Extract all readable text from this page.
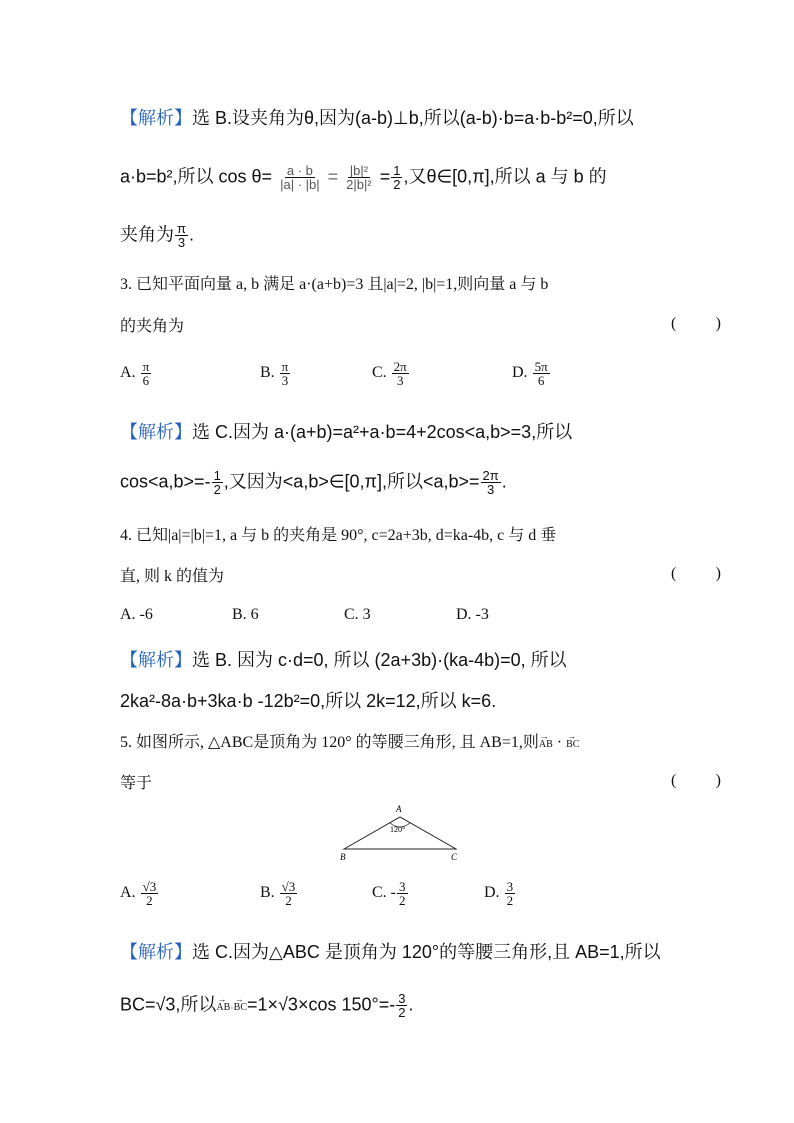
【解析】选 B.设夹角为θ,因为(a-b)⊥b,所以(a-b)·b=a·b-b²=0,所以
a·b=b²,所以 $\cos \theta= \frac{a \cdot b}{|a| \cdot |b|} = \frac{\text{|b|²}}{\text{2|b|²}} = \frac{1}{2}$ ,又θ∈[0,π],所以 a 与 b 的
夹角为 $\frac{\pi}{3}$ .
3. 已知平面向量 a, b 满足 a·(a+b)=3 且|a|=2, |b|=1,则向量 a 与 b
的夹角为	( )
A. $\frac{\pi}{6}$	B. $\frac{\pi}{3}$	C. $\frac{2\pi}{3}$	D. $\frac{5\pi}{6}$
【解析】选 C.因为 a·(a+b)=a²+a·b=4+2cos<a,b>=3,所以
$\cos<a,b>=- \frac{1}{2}$ ,又因为<a,b>∈[0,π],所以$<a,b>= \frac{2\pi}{3}$ .
4. 已知|a|=|b|=1, a 与 b 的夹角是 90°, c=2a+3b, d=ka-4b, c 与 d 垂
直, 则 k 的值为	( )
A. -6	B. 6	C. 3	D. -3
【解析】选 B. 因为 c·d=0, 所以 (2a+3b)·(ka-4b)=0, 所以
2ka²-8a·b+3ka·b -12b²=0,所以 2k=12,所以 k=6.
5. 如图所示, △ABC是顶角为 120° 的等腰三角形, 且 AB=1,则→ AB · → BC
等于	( )
A
B	C
120°
A. $\frac{√3}{2}$	B. $\frac{√3}{2}$	C. - $\frac{3}{2}$	D. $\frac{3}{2}$
【解析】选 C.因为△ABC 是顶角为 120°的等腰三角形,且 AB=1,所以
BC=√3,所以→ AB·→ BC=1×√3×cos $150^\circ=- \frac{3}{2}$ .
